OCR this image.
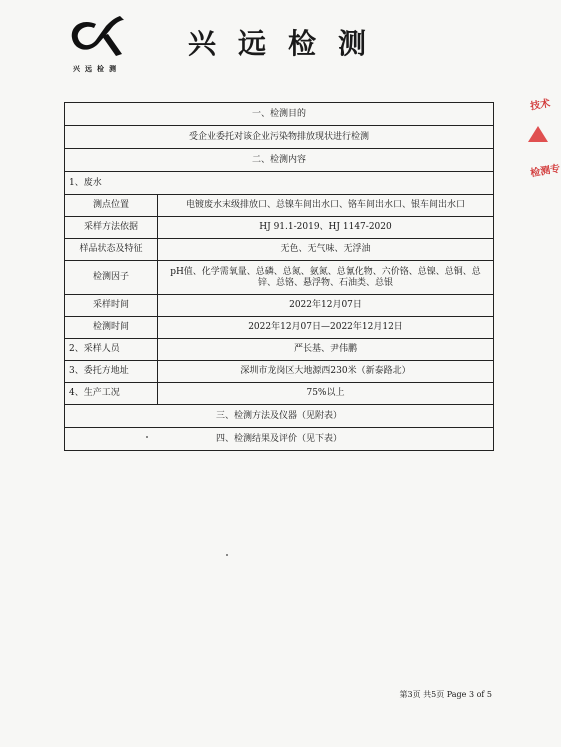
兴远检测
兴远检测
技术
检测专
一、检测目的	
受企业委托对该企业污染物排放现状进行检测	
二、检测内容	
1、废水	
测点位置	电镀废水末级排放口、总镍车间出水口、铬车间出水口、银车间出水口
采样方法依据	HJ 91.1-2019、HJ 1147-2020
样品状态及特征	无色、无气味、无浮油
检测因子	pH值、化学需氧量、总磷、总氮、氨氮、总氰化物、六价铬、总镍、总铜、总锌、总铬、悬浮物、石油类、总银
采样时间	2022年12月07日
检测时间	2022年12月07日—2022年12月12日
2、采样人员	严长基、尹伟鹏
3、委托方地址	深圳市龙岗区大地源西230米（新泰路北）
4、生产工况	75%以上
三、检测方法及仪器（见附表）	
四、检测结果及评价（见下表）	
第3页 共5页 Page 3 of 5
